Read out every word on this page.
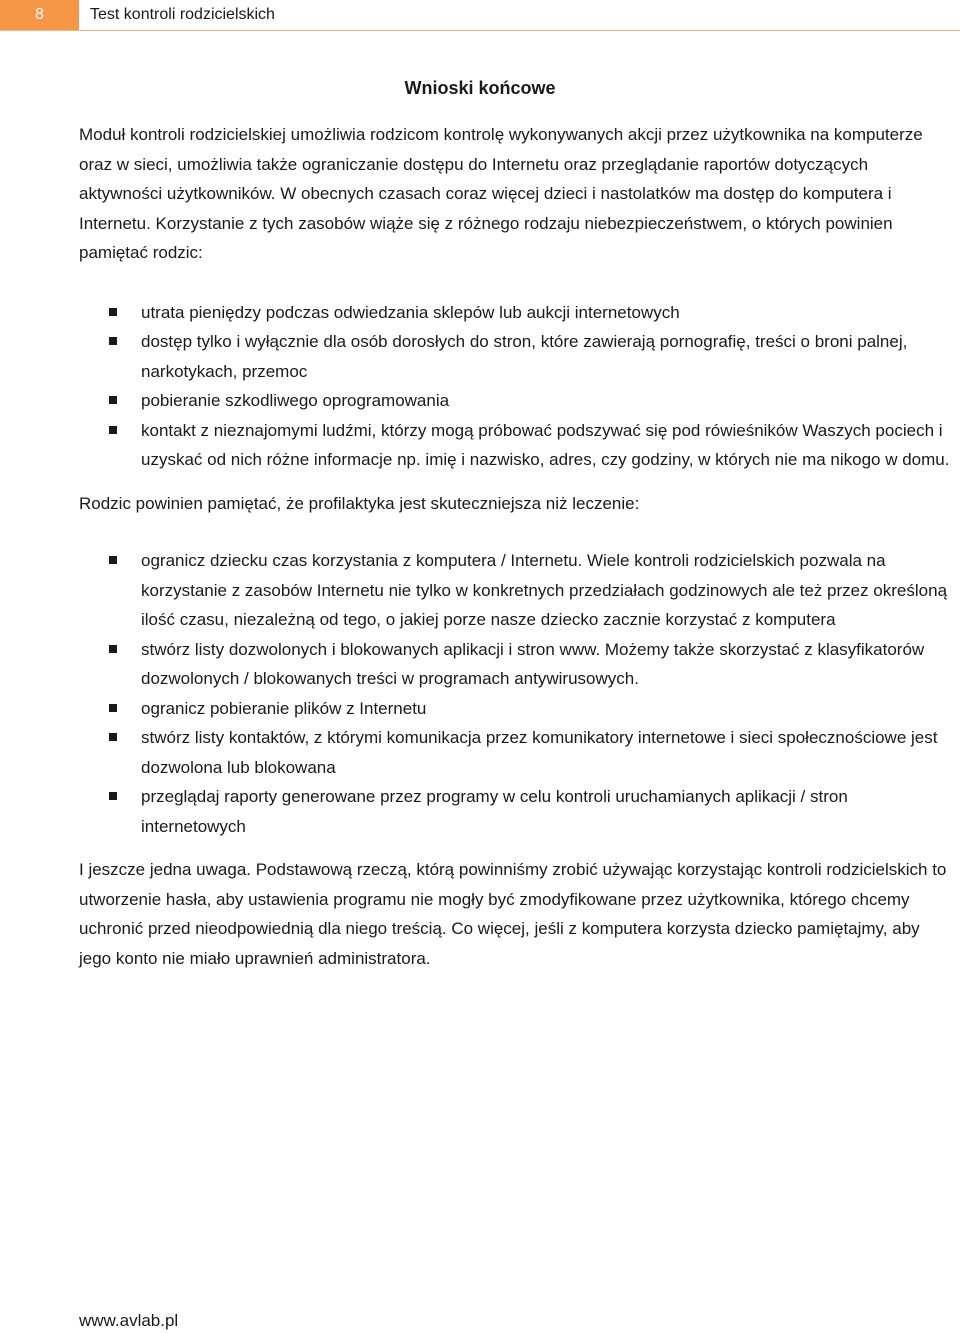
8	Test kontroli rodzicielskich
Wnioski końcowe

Moduł kontroli rodzicielskiej umożliwia rodzicom kontrolę wykonywanych akcji przez użytkownika na komputerze oraz w sieci, umożliwia także ograniczanie dostępu do Internetu oraz przeglądanie raportów dotyczących aktywności użytkowników. W obecnych czasach coraz więcej dzieci i nastolatków ma dostęp do komputera i Internetu. Korzystanie z tych zasobów wiąże się z różnego rodzaju niebezpieczeństwem, o których powinien pamiętać rodzic:

utrata pieniędzy podczas odwiedzania sklepów lub aukcji internetowych
dostęp tylko i wyłącznie dla osób dorosłych do stron, które zawierają pornografię, treści o broni palnej, narkotykach, przemoc
pobieranie szkodliwego oprogramowania
kontakt z nieznajomymi ludźmi, którzy mogą próbować podszywać się pod rówieśników Waszych pociech i uzyskać od nich różne informacje np. imię i nazwisko, adres, czy godziny, w których nie ma nikogo w domu.

Rodzic powinien pamiętać, że profilaktyka jest skuteczniejsza niż leczenie:

ogranicz dziecku czas korzystania z komputera / Internetu. Wiele kontroli rodzicielskich pozwala na korzystanie z zasobów Internetu nie tylko w konkretnych przedziałach godzinowych ale też przez określoną ilość czasu, niezależną od tego, o jakiej porze nasze dziecko zacznie korzystać z komputera
stwórz listy dozwolonych i blokowanych aplikacji i stron www. Możemy także skorzystać z klasyfikatorów dozwolonych / blokowanych treści w programach antywirusowych.
ogranicz pobieranie plików z Internetu
stwórz listy kontaktów, z którymi komunikacja przez komunikatory internetowe i sieci społecznościowe jest dozwolona lub blokowana
przeglądaj raporty generowane przez programy w celu kontroli uruchamianych aplikacji / stron internetowych

I jeszcze jedna uwaga. Podstawową rzeczą, którą powinniśmy zrobić używając korzystając kontroli rodzicielskich to utworzenie hasła, aby ustawienia programu nie mogły być zmodyfikowane przez użytkownika, którego chcemy uchronić przed nieodpowiednią dla niego treścią. Co więcej, jeśli z komputera korzysta dziecko pamiętajmy, aby jego konto nie miało uprawnień administratora.

www.avlab.pl
